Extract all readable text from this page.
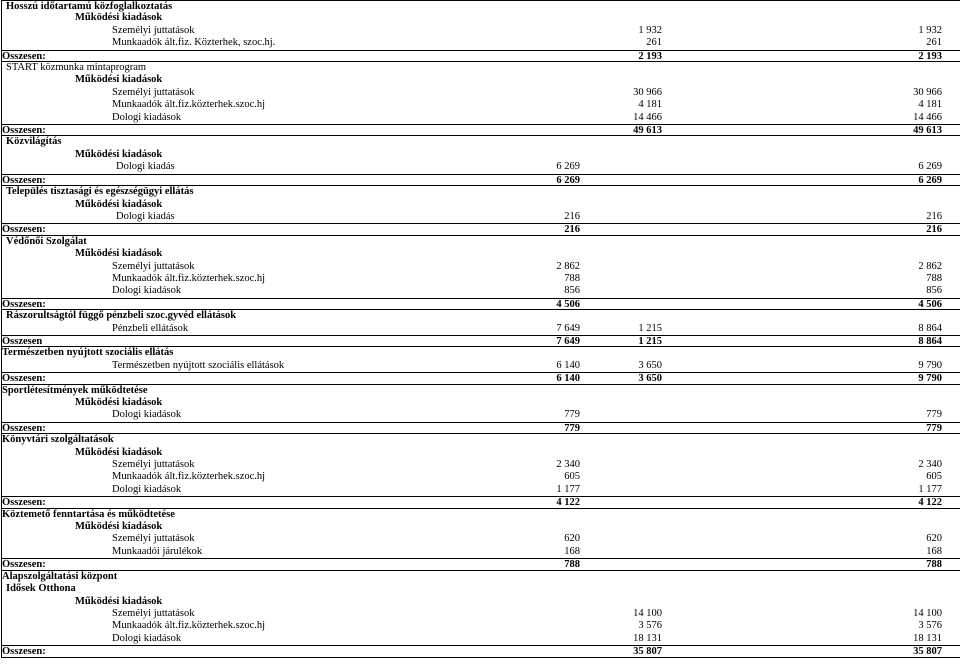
Hosszú időtartamú közfoglalkoztatás
Működési kiadások
Személyi juttatások	1 932	1 932
Munkaadók ált.fiz. Közterhek, szoc.hj.	261	261
Összesen:	2 193	2 193
START közmunka mintaprogram
Működési kiadások
Személyi juttatások	30 966	30 966
Munkaadók ált.fiz.közterhek.szoc.hj	4 181	4 181
Dologi kiadások	14 466	14 466
Összesen:	49 613	49 613
Közvilágítás
Működési kiadások
Dologi kiadás	6 269	6 269
Összesen:	6 269	6 269
Település tisztasági és egészségügyi ellátás
Működési kiadások
Dologi kiadás	216	216
Összesen:	216	216
Védőnői Szolgálat
Működési kiadások
Személyi juttatások	2 862	2 862
Munkaadók ált.fiz.közterhek.szoc.hj	788	788
Dologi kiadások	856	856
Összesen:	4 506	4 506
Rászorultságtól függő pénzbeli szoc.gyvéd ellátások
Pénzbeli ellátások	7 649	1 215	8 864
Összesen	7 649	1 215	8 864
Természetben nyújtott szociális ellátás
Természetben nyújtott szociális ellátások	6 140	3 650	9 790
Összesen:	6 140	3 650	9 790
Sportlétesítmények működtetése
Működési kiadások
Dologi kiadások	779	779
Összesen:	779	779
Könyvtári szolgáltatások
Működési kiadások
Személyi juttatások	2 340	2 340
Munkaadók ált.fiz.közterhek.szoc.hj	605	605
Dologi kiadások	1 177	1 177
Összesen:	4 122	4 122
Köztemető fenntartása és működtetése
Működési kiadások
Személyi juttatások	620	620
Munkaadói járulékok	168	168
Összesen:	788	788
Alapszolgáltatási központ
Idősek Otthona
Működési kiadások
Személyi juttatások	14 100	14 100
Munkaadók ált.fiz.közterhek.szoc.hj	3 576	3 576
Dologi kiadások	18 131	18 131
Összesen:	35 807	35 807
